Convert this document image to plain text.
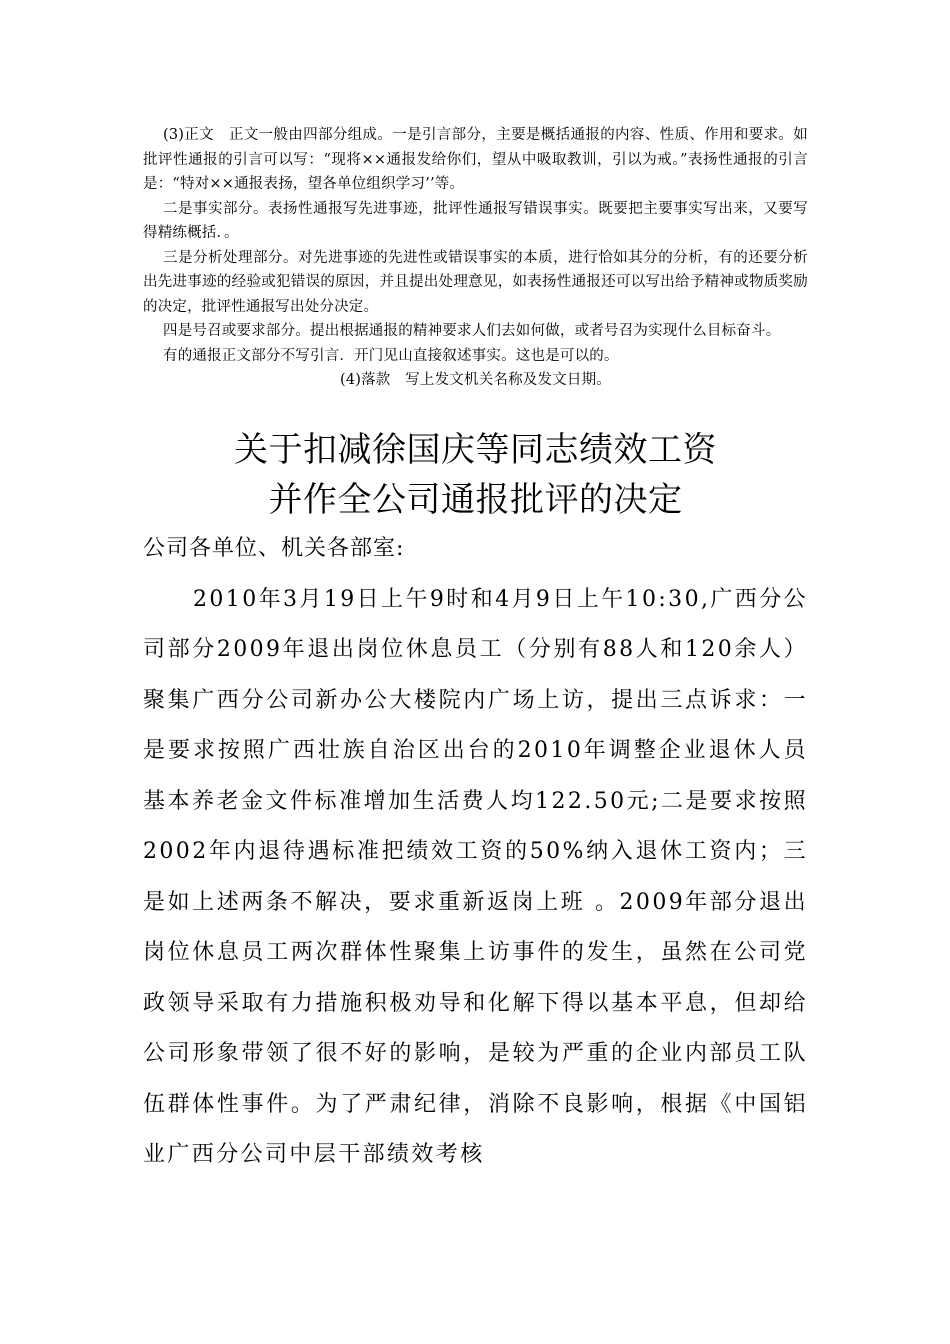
(3)正文　正文一般由四部分组成。一是引言部分，主要是概括通报的内容、性质、作用和要求。如批评性通报的引言可以写：“现将××通报发给你们，望从中吸取教训，引以为戒。”表扬性通报的引言是：“特对××通报表扬，望各单位组织学习’’等。

二是事实部分。表扬性通报写先进事迹，批评性通报写错误事实。既要把主要事实写出来，又要写得精练概括．。

三是分析处理部分。对先进事迹的先进性或错误事实的本质，进行恰如其分的分析，有的还要分析出先进事迹的经验或犯错误的原因，并且提出处理意见，如表扬性通报还可以写出给予精神或物质奖励的决定，批评性通报写出处分决定。

四是号召或要求部分。提出根据通报的精神要求人们去如何做，或者号召为实现什么目标奋斗。

有的通报正文部分不写引言．开门见山直接叙述事实。这也是可以的。

(4)落款　写上发文机关名称及发文日期。

关于扣减徐国庆等同志绩效工资
并作全公司通报批评的决定
公司各单位、机关各部室:

2010年3月19日上午9时和4月9日上午10:30,广西分公司部分2009年退出岗位休息员工（分别有88人和120余人）聚集广西分公司新办公大楼院内广场上访，提出三点诉求：一是要求按照广西壮族自治区出台的2010年调整企业退休人员基本养老金文件标准增加生活费人均122.50元;二是要求按照2002年内退待遇标准把绩效工资的50%纳入退休工资内；三是如上述两条不解决，要求重新返岗上班 。2009年部分退出岗位休息员工两次群体性聚集上访事件的发生，虽然在公司党政领导采取有力措施积极劝导和化解下得以基本平息，但却给公司形象带领了很不好的影响，是较为严重的企业内部员工队伍群体性事件。为了严肃纪律，消除不良影响，根据《中国铝业广西分公司中层干部绩效考核
